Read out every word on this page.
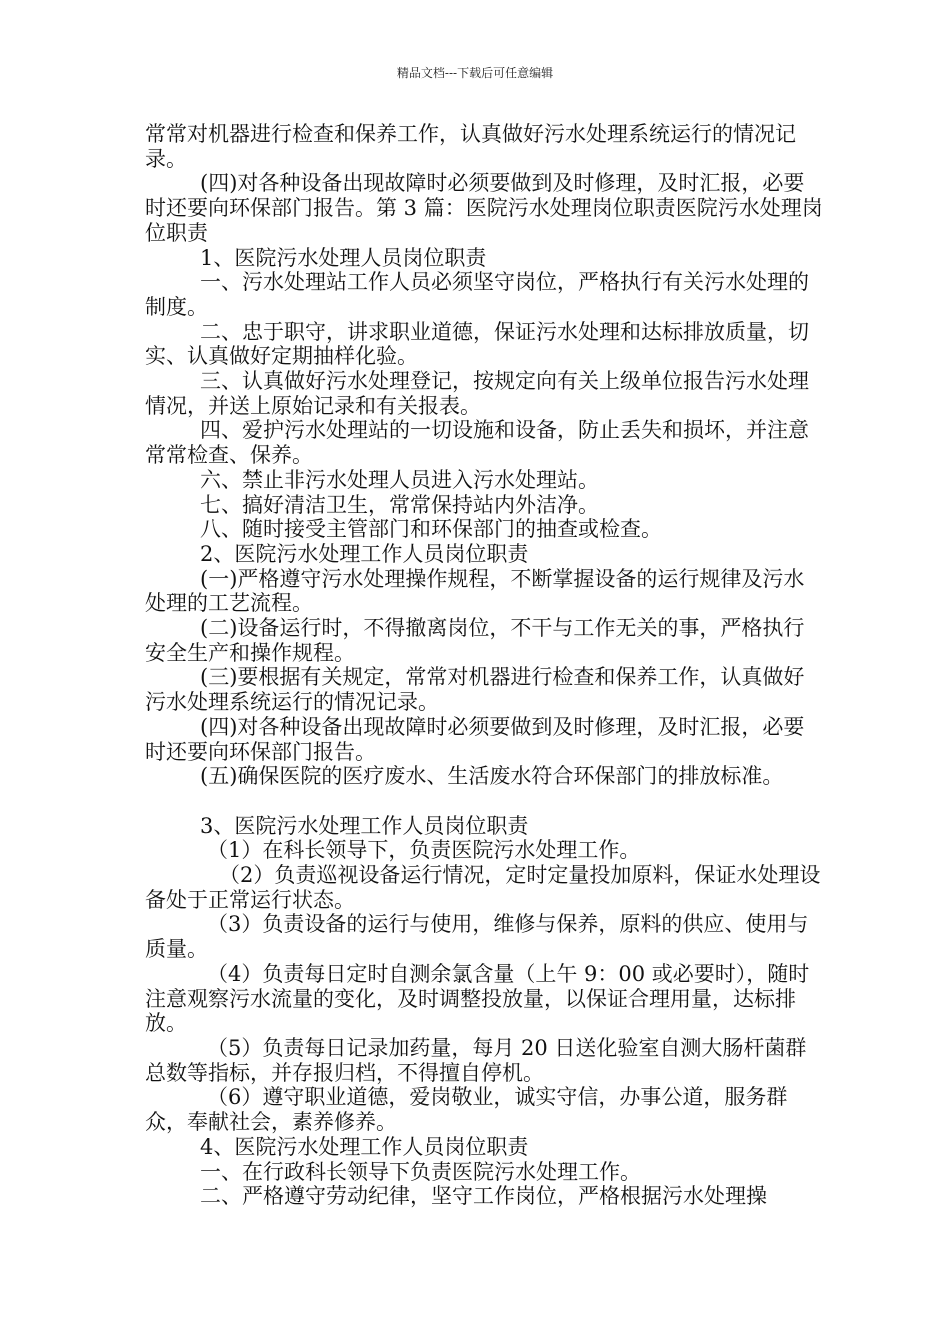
精品文档---下载后可任意编辑

常常对机器进行检查和保养工作，认真做好污水处理系统运行的情况记录。

(四)对各种设备出现故障时必须要做到及时修理，及时汇报，必要时还要向环保部门报告。第 3 篇：医院污水处理岗位职责医院污水处理岗位职责

1、医院污水处理人员岗位职责

一、污水处理站工作人员必须坚守岗位，严格执行有关污水处理的制度。

二、忠于职守，讲求职业道德，保证污水处理和达标排放质量，切实、认真做好定期抽样化验。

三、认真做好污水处理登记，按规定向有关上级单位报告污水处理情况，并送上原始记录和有关报表。

四、爱护污水处理站的一切设施和设备，防止丢失和损坏，并注意常常检查、保养。

六、禁止非污水处理人员进入污水处理站。

七、搞好清洁卫生，常常保持站内外洁净。

八、随时接受主管部门和环保部门的抽查或检查。

2、医院污水处理工作人员岗位职责

(一)严格遵守污水处理操作规程，不断掌握设备的运行规律及污水处理的工艺流程。

(二)设备运行时，不得撤离岗位，不干与工作无关的事，严格执行安全生产和操作规程。

(三)要根据有关规定，常常对机器进行检查和保养工作，认真做好污水处理系统运行的情况记录。

(四)对各种设备出现故障时必须要做到及时修理，及时汇报，必要时还要向环保部门报告。

(五)确保医院的医疗废水、生活废水符合环保部门的排放标准。

3、医院污水处理工作人员岗位职责

（1）在科长领导下，负责医院污水处理工作。

（2）负责巡视设备运行情况，定时定量投加原料，保证水处理设备处于正常运行状态。

（3）负责设备的运行与使用，维修与保养，原料的供应、使用与质量。

（4）负责每日定时自测余氯含量（上午 9：00 或必要时），随时注意观察污水流量的变化，及时调整投放量，以保证合理用量，达标排放。

（5）负责每日记录加药量，每月 20 日送化验室自测大肠杆菌群总数等指标，并存报归档，不得擅自停机。

（6）遵守职业道德，爱岗敬业，诚实守信，办事公道，服务群众，奉献社会，素养修养。

4、医院污水处理工作人员岗位职责

一、在行政科长领导下负责医院污水处理工作。

二、严格遵守劳动纪律，坚守工作岗位，严格根据污水处理操
